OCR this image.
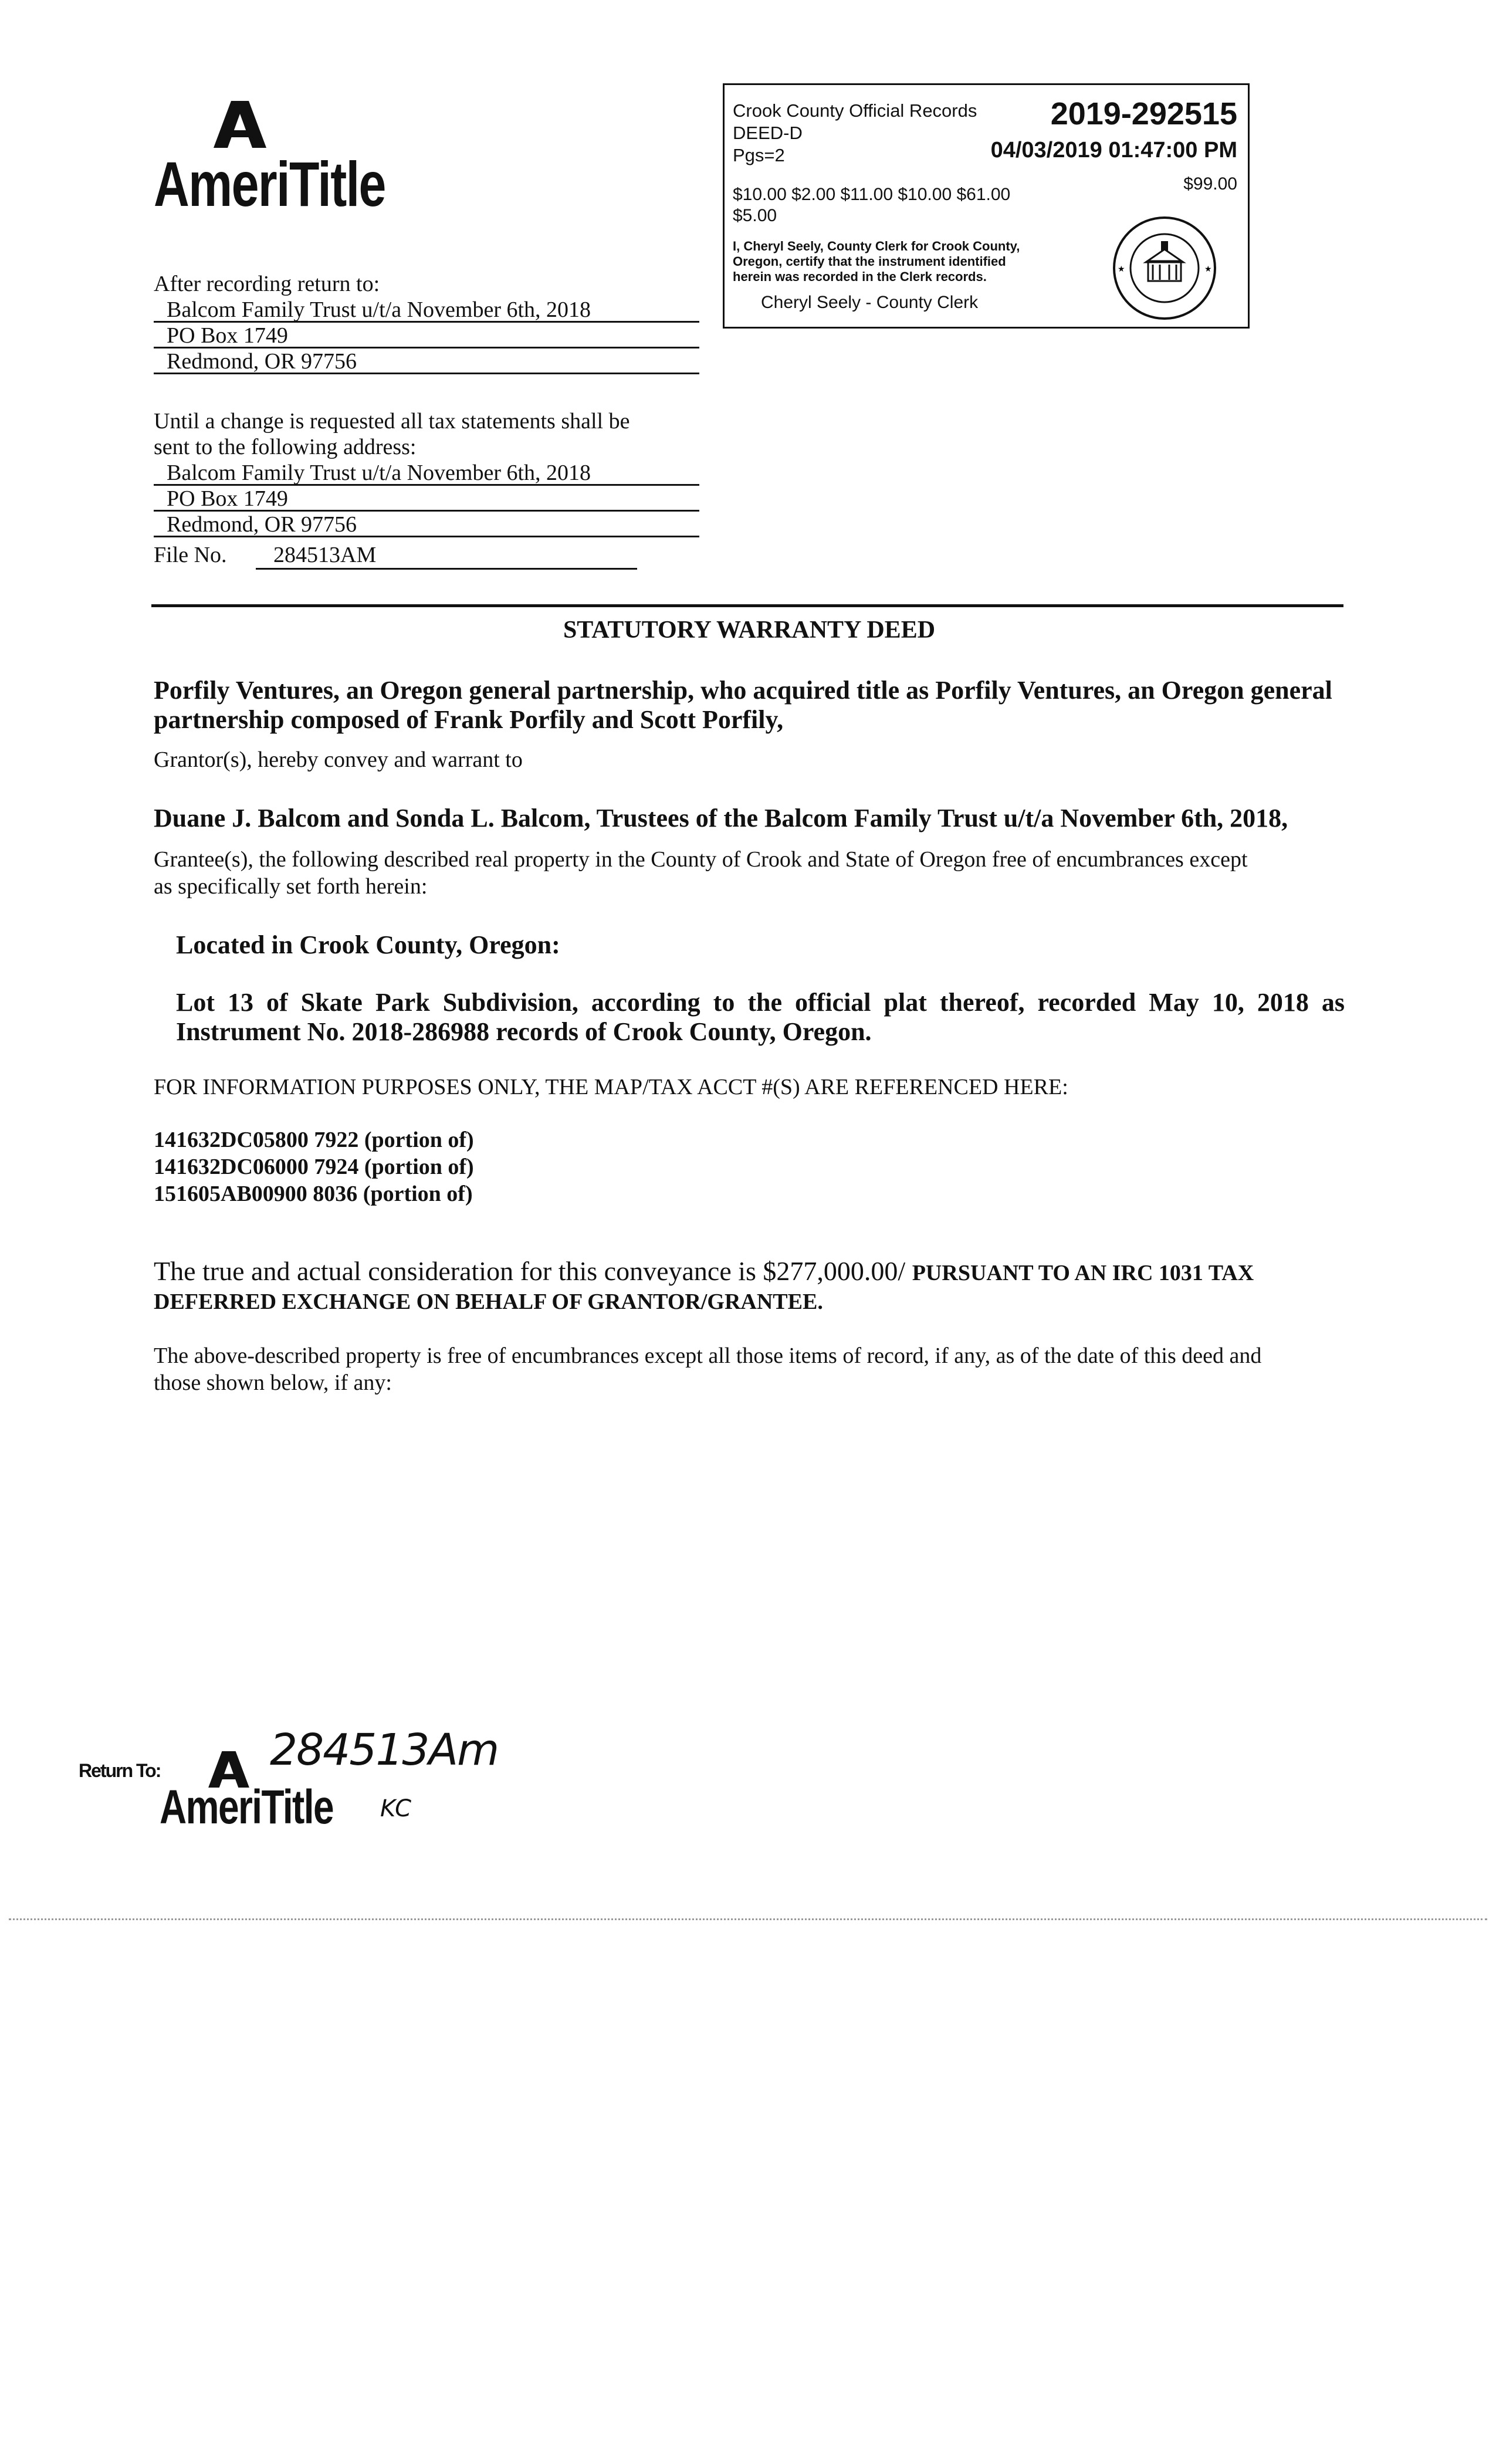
AmeriTitle
Crook County Official Records 2019-292515
DEED-D
Pgs=2	04/03/2019 01:47:00 PM
$10.00 $2.00 $11.00 $10.00 $61.00
$5.00
$99.00
I, Cheryl Seely, County Clerk for Crook County,
Oregon, certify that the instrument identified
herein was recorded in the Clerk records.
Cheryl Seely - County Clerk
★	★
After recording return to:
Balcom Family Trust u/t/a November 6th, 2018
PO Box 1749
Redmond, OR 97756
Until a change is requested all tax statements shall be
sent to the following address:
Balcom Family Trust u/t/a November 6th, 2018
PO Box 1749
Redmond, OR 97756
File No.	284513AM
STATUTORY WARRANTY DEED
Porfily Ventures, an Oregon general partnership, who acquired title as Porfily Ventures, an Oregon general
partnership composed of Frank Porfily and Scott Porfily,
Grantor(s), hereby convey and warrant to
Duane J. Balcom and Sonda L. Balcom, Trustees of the Balcom Family Trust u/t/a November 6th, 2018,
Grantee(s), the following described real property in the County of Crook and State of Oregon free of encumbrances except
as specifically set forth herein:
Located in Crook County, Oregon:
Lot 13 of Skate Park Subdivision, according to the official plat thereof, recorded May 10, 2018 as
Instrument No. 2018-286988 records of Crook County, Oregon.
FOR INFORMATION PURPOSES ONLY, THE MAP/TAX ACCT #(S) ARE REFERENCED HERE:
141632DC05800 7922 (portion of)
141632DC06000 7924 (portion of)
151605AB00900 8036 (portion of)
The true and actual consideration for this conveyance is $277,000.00/ PURSUANT TO AN IRC 1031 TAX
DEFERRED EXCHANGE ON BEHALF OF GRANTOR/GRANTEE.
The above-described property is free of encumbrances except all those items of record, if any, as of the date of this deed and
those shown below, if any:
Return To:
AmeriTitle
284513Am
KC
